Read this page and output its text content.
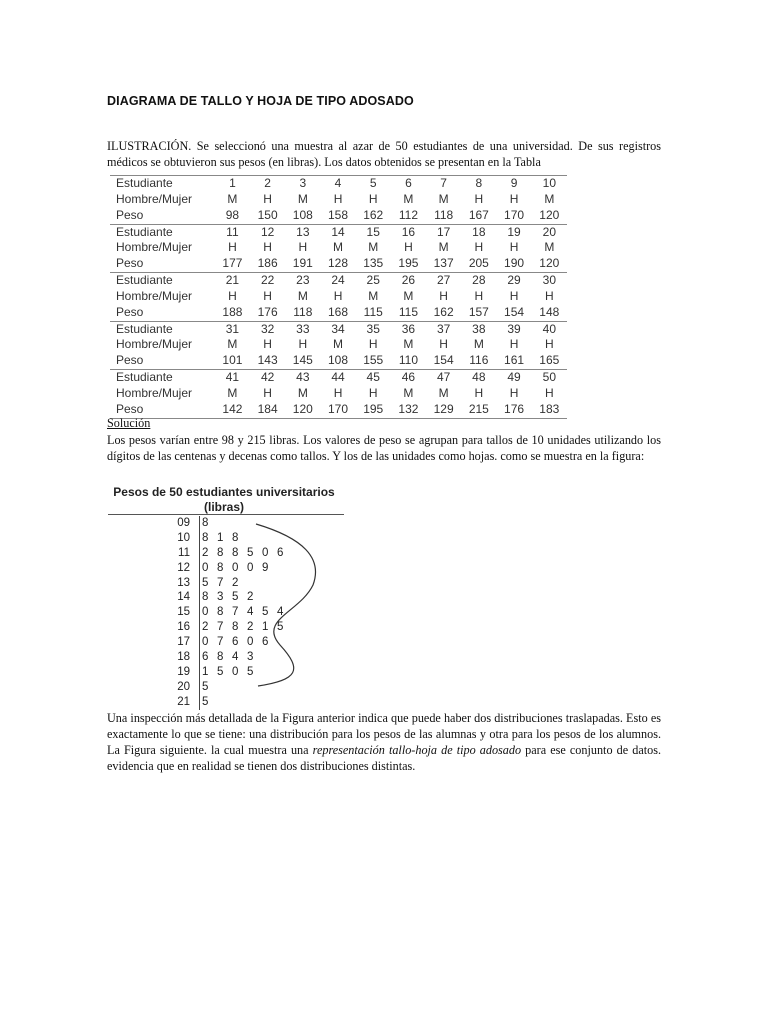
DIAGRAMA DE TALLO Y HOJA DE TIPO ADOSADO

ILUSTRACIÓN. Se seleccionó una muestra al azar de 50 estudiantes de una universidad. De sus registros médicos se obtuvieron sus pesos (en libras). Los datos obtenidos se presentan en la Tabla

Estudiante	1	2	3	4	5	6	7	8	9	10
Hombre/Mujer	M	H	M	H	H	M	M	H	H	M
Peso	98	150	108	158	162	112	118	167	170	120
Estudiante	11	12	13	14	15	16	17	18	19	20
Hombre/Mujer	H	H	H	M	M	H	M	H	H	M
Peso	177	186	191	128	135	195	137	205	190	120
Estudiante	21	22	23	24	25	26	27	28	29	30
Hombre/Mujer	H	H	M	H	M	M	H	H	H	H
Peso	188	176	118	168	115	115	162	157	154	148
Estudiante	31	32	33	34	35	36	37	38	39	40
Hombre/Mujer	M	H	H	M	H	M	H	M	H	H
Peso	101	143	145	108	155	110	154	116	161	165
Estudiante	41	42	43	44	45	46	47	48	49	50
Hombre/Mujer	M	H	M	H	H	M	M	H	H	H
Peso	142	184	120	170	195	132	129	215	176	183
Solución

Los pesos varían entre 98 y 215 libras. Los valores de peso se agrupan para tallos de 10 unidades utilizando los dígitos de las centenas y decenas como tallos. Y los de las unidades como hojas. como se muestra en la figura:

Pesos de 50 estudiantes universitarios
(libras)
09 8
10 8 1 8
11 2 8 8 5 0 6
12 0 8 0 0 9
13 5 7 2
14 8 3 5 2
15 0 8 7 4 5 4
16 2 7 8 2 1 5
17 0 7 6 0 6
18 6 8 4 3
19 1 5 0 5
20 5
21 5

Una inspección más detallada de la Figura anterior indica que puede haber dos distribuciones traslapadas. Esto es exactamente lo que se tiene: una distribución para los pesos de las alumnas y otra para los pesos de los alumnos. La Figura siguiente. la cual muestra una representación tallo-hoja de tipo adosado para ese conjunto de datos. evidencia que en realidad se tienen dos distribuciones distintas.
